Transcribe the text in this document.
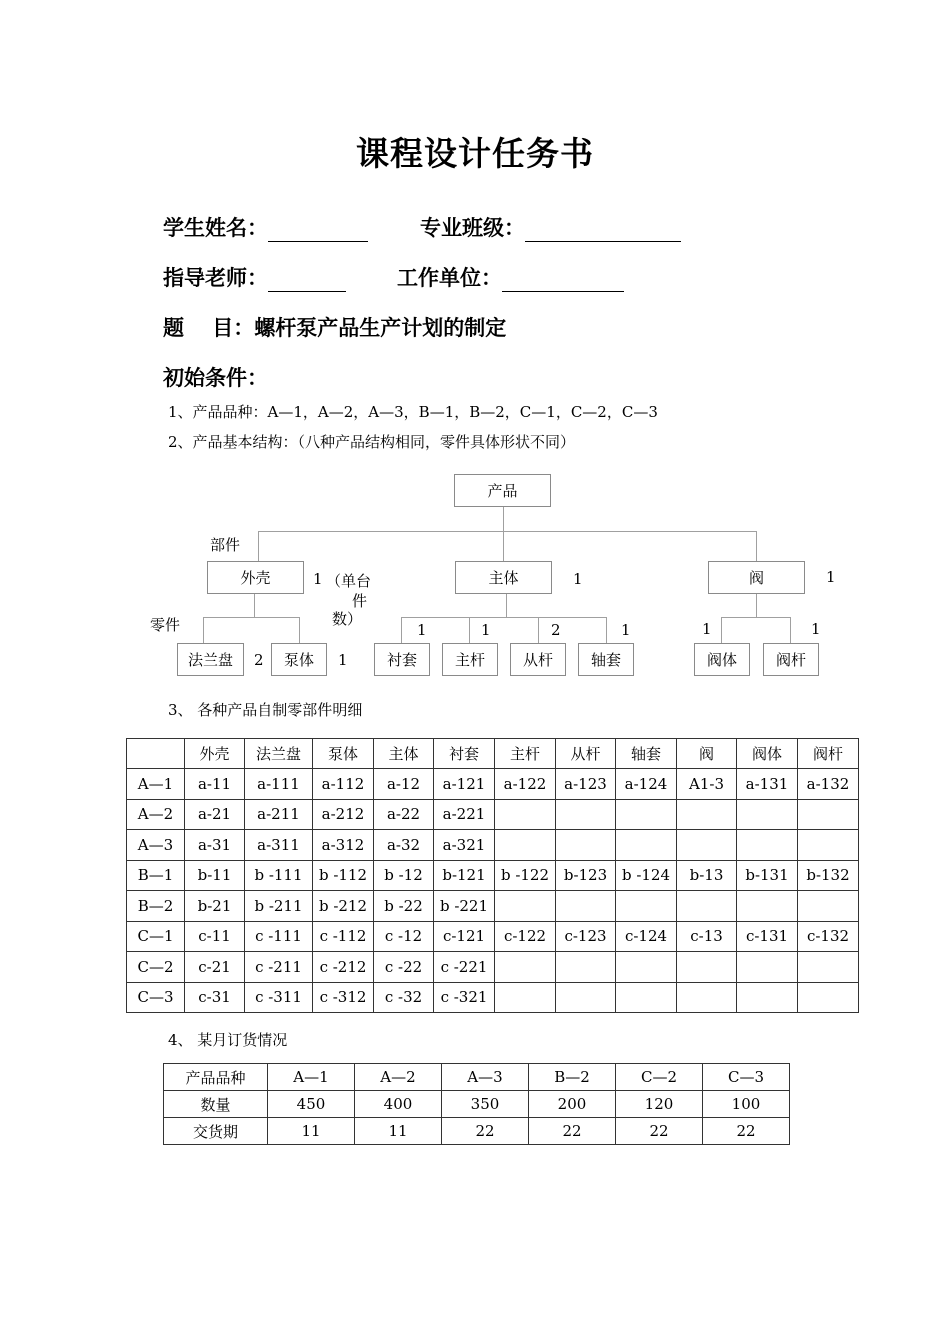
课程设计任务书
学生姓名：	专业班级：
指导老师：	工作单位：
题　 目：螺杆泵产品生产计划的制定
初始条件：
1、产品品种：A—1，A—2，A—3，B—1，B—2，C—1，C—2，C—3
2、产品基本结构：（八种产品结构相同，零件具体形状不同）
产品
外壳	主体	阀
法兰盘	泵体	衬套	主杆	从杆	轴套	阀体	阀杆
部件
零件
1 （单台
件
数）
1	1
2	1
1	1	2	1	1	1
3、 各种产品自制零部件明细
	外壳	法兰盘	泵体	主体	衬套	主杆	从杆	轴套	阀	阀体	阀杆
A—1	a-11	a-111	a-112	a-12	a-121	a-122	a-123	a-124	A1-3	a-131	a-132
A—2	a-21	a-211	a-212	a-22	a-221						
A—3	a-31	a-311	a-312	a-32	a-321						
B—1	b-11	b -111	b -112	b -12	b-121	b -122	b-123	b -124	b-13	b-131	b-132
B—2	b-21	b -211	b -212	b -22	b -221						
C—1	c-11	c -111	c -112	c -12	c-121	c-122	c-123	c-124	c-13	c-131	c-132
C—2	c-21	c -211	c -212	c -22	c -221						
C—3	c-31	c -311	c -312	c -32	c -321						
4、 某月订货情况
产品品种	A—1	A—2	A—3	B—2	C—2	C—3
数量	450	400	350	200	120	100
交货期	11	11	22	22	22	22
